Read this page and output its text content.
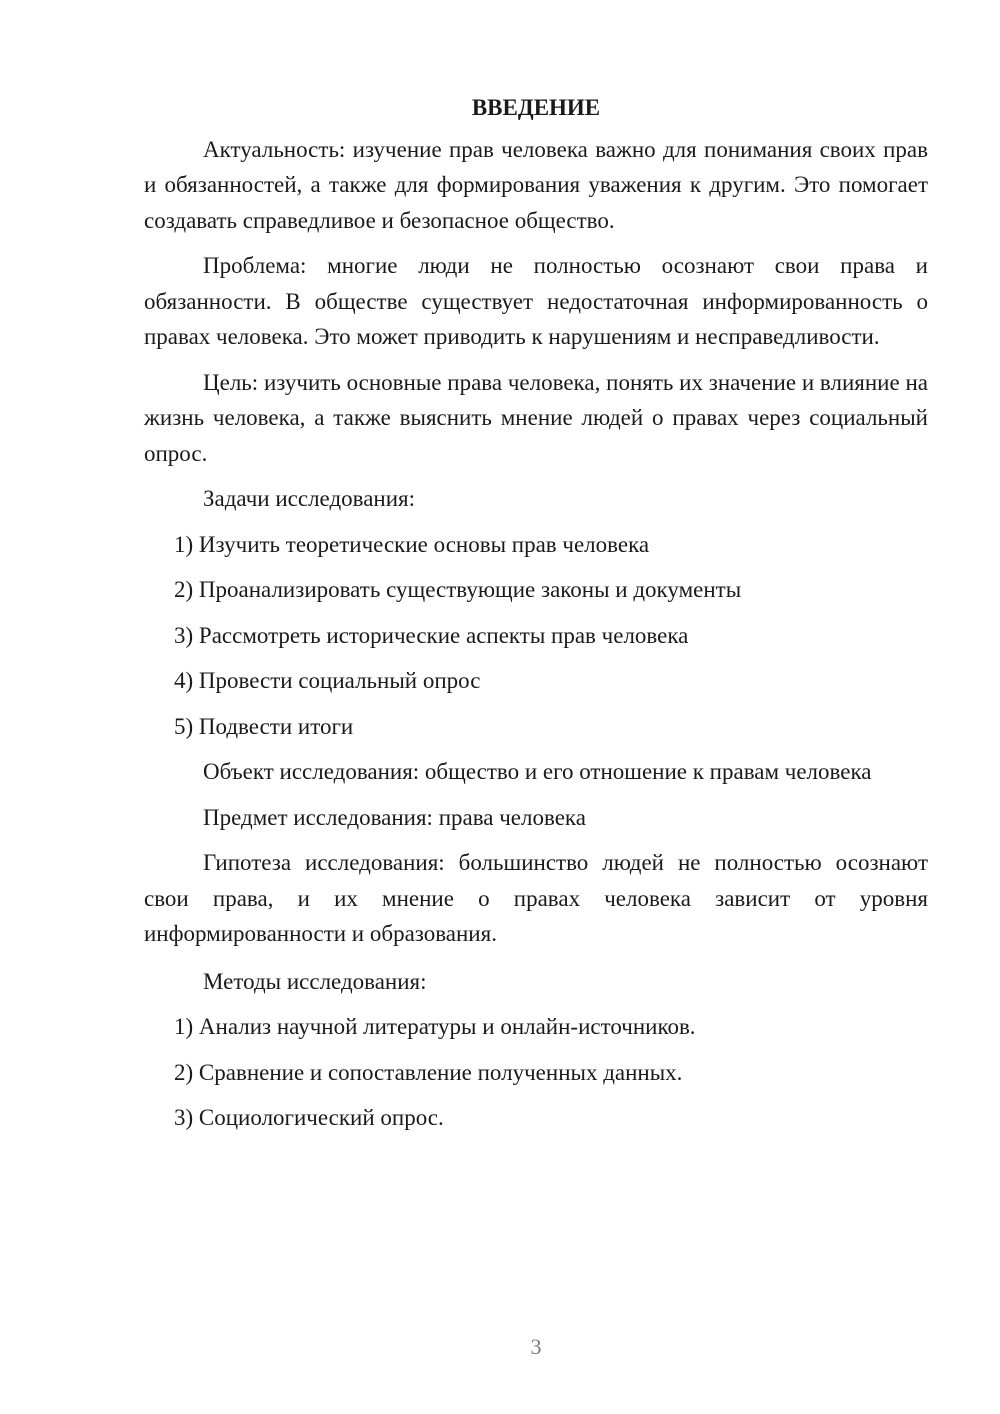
ВВЕДЕНИЕ

Актуальность: изучение прав человека важно для понимания своих прав и обязанностей, а также для формирования уважения к другим. Это помогает создавать справедливое и безопасное общество.

Проблема: многие люди не полностью осознают свои права и обязанности. В обществе существует недостаточная информированность о правах человека. Это может приводить к нарушениям и несправедливости.

Цель: изучить основные права человека, понять их значение и влияние на жизнь человека, а также выяснить мнение людей о правах через социальный опрос.

Задачи исследования:
1) Изучить теоретические основы прав человека
2) Проанализировать существующие законы и документы
3) Рассмотреть исторические аспекты прав человека
4) Провести социальный опрос
5) Подвести итоги
Объект исследования: общество и его отношение к правам человека
Предмет исследования: права человека

Гипотеза исследования: большинство людей не полностью осознают свои права, и их мнение о правах человека зависит от уровня информированности и образования.

Методы исследования:
1) Анализ научной литературы и онлайн-источников.
2) Сравнение и сопоставление полученных данных.
3) Социологический опрос.
3
